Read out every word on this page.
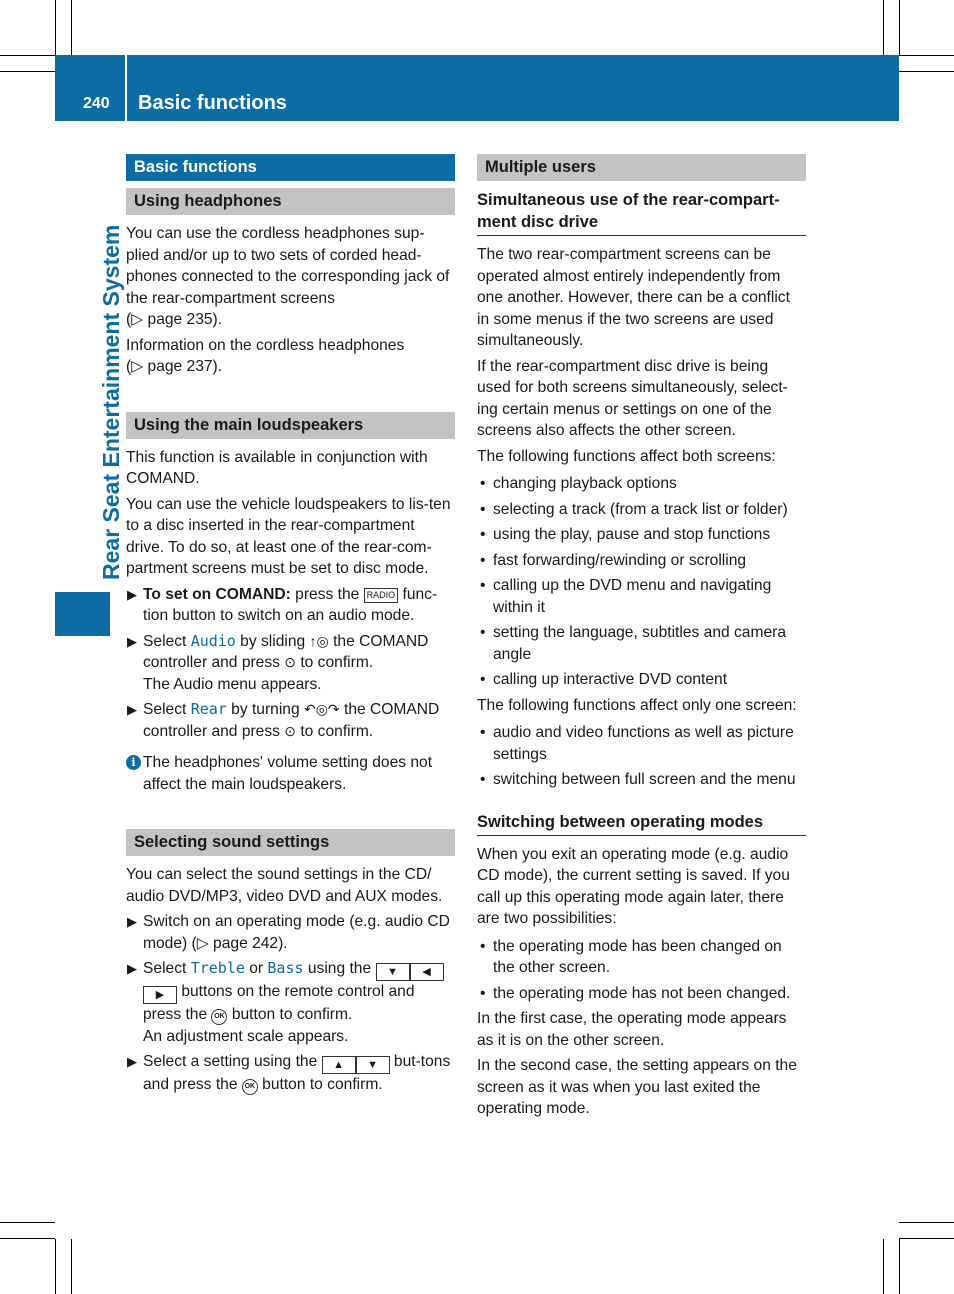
240 Basic functions
Rear Seat Entertainment System
Basic functions
Using headphones

You can use the cordless headphones sup-plied and/or up to two sets of corded head-phones connected to the corresponding jack of the rear-compartment screens
(▷ page 235).

Information on the cordless headphones
(▷ page 237).

Using the main loudspeakers

This function is available in conjunction with COMAND.

You can use the vehicle loudspeakers to lis-ten to a disc inserted in the rear-compartment drive. To do so, at least one of the rear-com-partment screens must be set to disc mode.

▶ To set on COMAND: press the RADIO func-tion button to switch on an audio mode.
▶ Select Audio by sliding ↑◎ the COMAND controller and press ⊙ to confirm.
The Audio menu appears.
▶ Select Rear by turning ↶◎↷ the COMAND controller and press ⊙ to confirm.
i The headphones' volume setting does not affect the main loudspeakers.
Selecting sound settings

You can select the sound settings in the CD/ audio DVD/MP3, video DVD and AUX modes.

▶ Switch on an operating mode (e.g. audio CD mode) (▷ page 242).
▶ Select Treble or Bass using the ▼ ◀▶ buttons on the remote control and press the OK button to confirm.
An adjustment scale appears.
▶ Select a setting using the ▲ ▼ but-tons and press the OK button to confirm.
Multiple users
Simultaneous use of the rear-compart-ment disc drive

The two rear-compartment screens can be operated almost entirely independently from one another. However, there can be a conflict in some menus if the two screens are used simultaneously.

If the rear-compartment disc drive is being used for both screens simultaneously, select-ing certain menus or settings on one of the screens also affects the other screen.

The following functions affect both screens:

• changing playback options
• selecting a track (from a track list or folder)
• using the play, pause and stop functions
• fast forwarding/rewinding or scrolling
• calling up the DVD menu and navigating within it
• setting the language, subtitles and camera angle
• calling up interactive DVD content

The following functions affect only one screen:

• audio and video functions as well as picture settings
• switching between full screen and the menu
Switching between operating modes

When you exit an operating mode (e.g. audio CD mode), the current setting is saved. If you call up this operating mode again later, there are two possibilities:

• the operating mode has been changed on the other screen.
• the operating mode has not been changed.

In the first case, the operating mode appears as it is on the other screen.

In the second case, the setting appears on the screen as it was when you last exited the operating mode.
